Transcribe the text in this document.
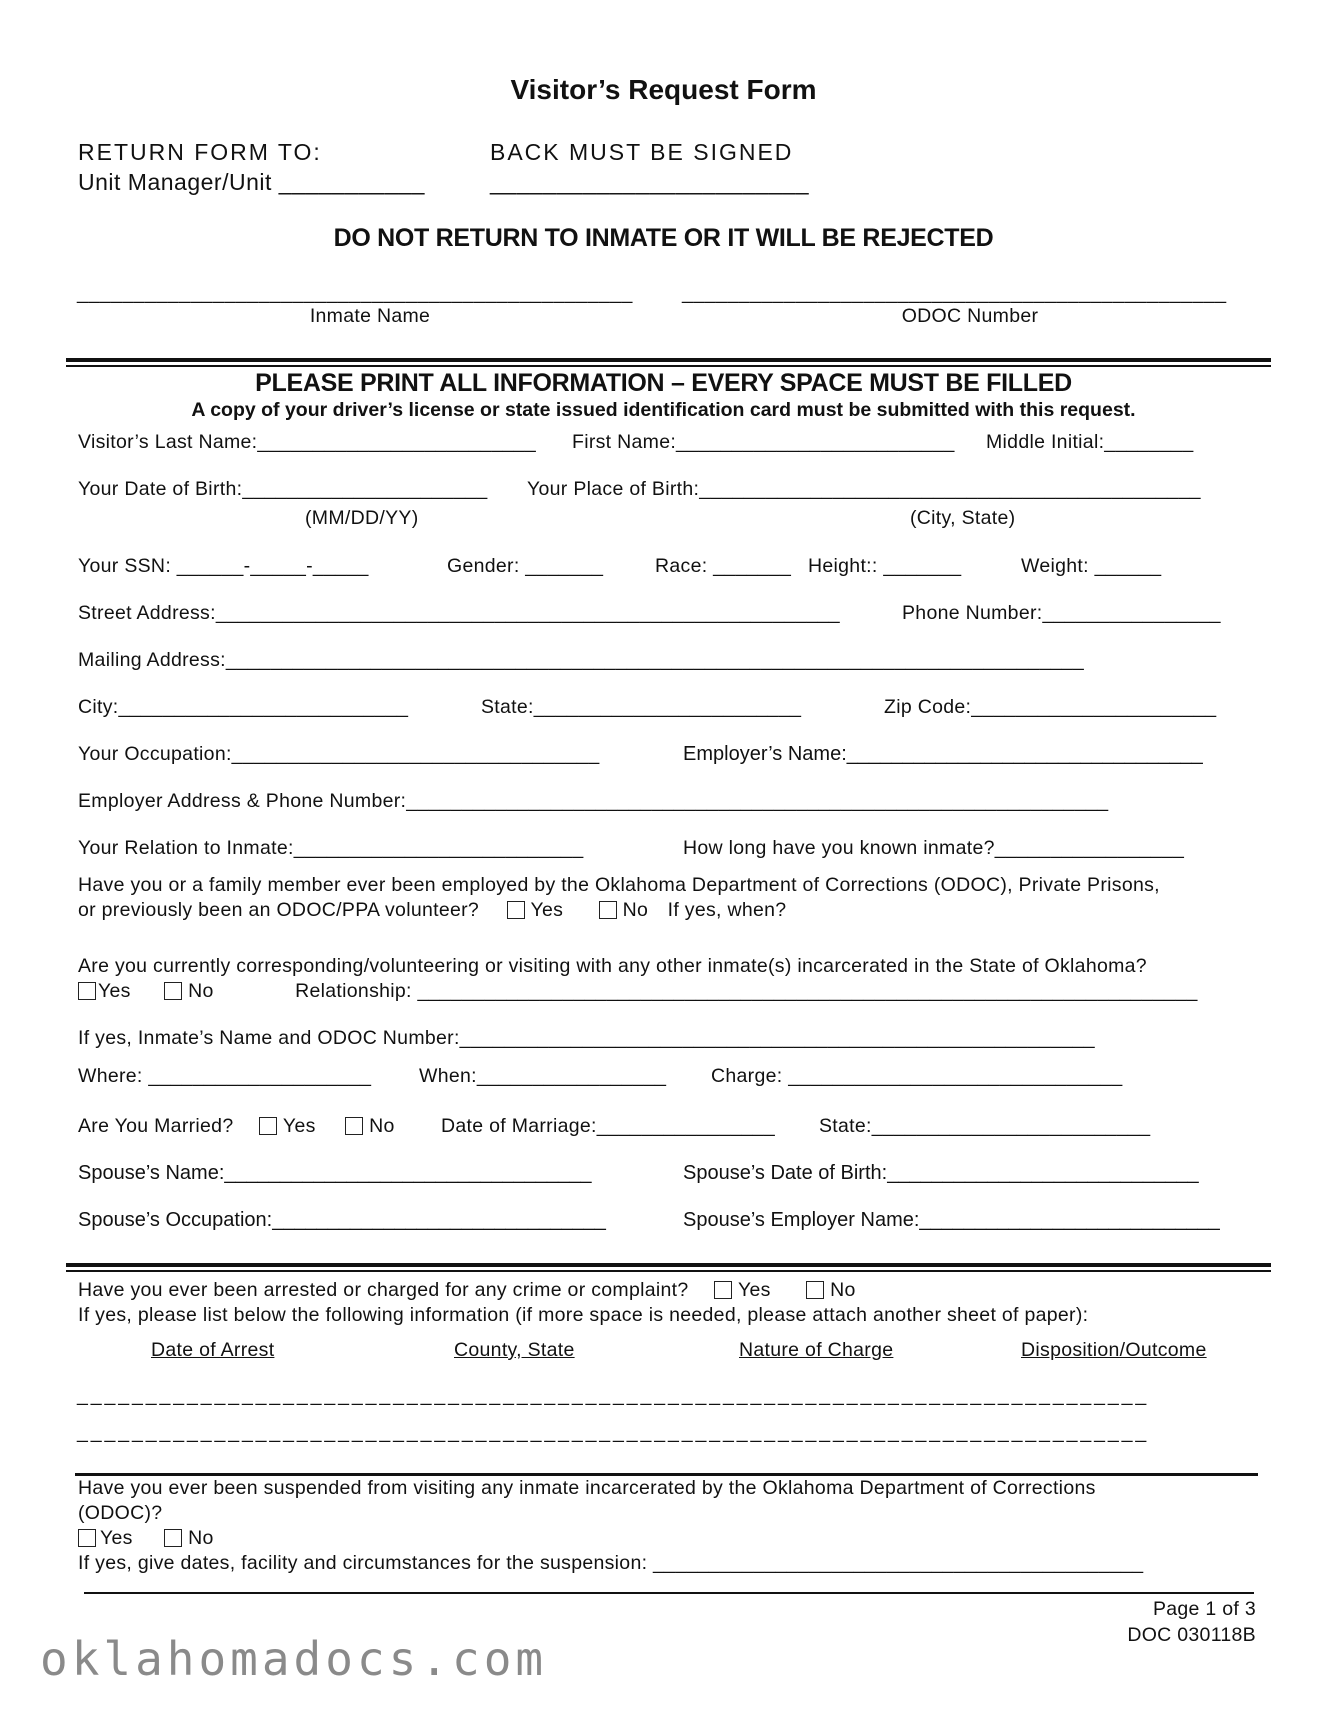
Visitor’s Request Form
RETURN FORM TO:
Unit Manager/Unit ___________
BACK MUST BE SIGNED
________________________
DO NOT RETURN TO INMATE OR IT WILL BE REJECTED
_________________________________________________
Inmate Name
________________________________________________
ODOC Number
PLEASE PRINT ALL INFORMATION – EVERY SPACE MUST BE FILLED
A copy of your driver’s license or state issued identification card must be submitted with this request.
Visitor’s Last Name:_________________________ First Name:_________________________ Middle Initial:________
Your Date of Birth:______________________ Your Place of Birth:_____________________________________________
(MM/DD/YY)	(City, State)
Your SSN: ______-_____-_____	Gender: _______	Race: _______ Height:: _______	Weight: ______
Street Address:________________________________________________________	Phone Number:________________
Mailing Address:_____________________________________________________________________________
City:__________________________	State:________________________	Zip Code:______________________
Your Occupation:_________________________________	Employer’s Name:________________________________
Employer Address & Phone Number:_______________________________________________________________
Your Relation to Inmate:__________________________	How long have you known inmate?_________________
Have you or a family member ever been employed by the Oklahoma Department of Corrections (ODOC), Private Prisons,
or previously been an ODOC/PPA volunteer?	Yes	No If yes, when?
Are you currently corresponding/volunteering or visiting with any other inmate(s) incarcerated in the State of Oklahoma?
Yes	No	Relationship: ______________________________________________________________________
If yes, Inmate’s Name and ODOC Number:_________________________________________________________
Where: ____________________ When:_________________ Charge: ______________________________
Are You Married?	Yes	No Date of Marriage:________________ State:_________________________
Spouse’s Name:_________________________________	Spouse’s Date of Birth:____________________________
Spouse’s Occupation:______________________________	Spouse’s Employer Name:___________________________
Have you ever been arrested or charged for any crime or complaint?	Yes	No
If yes, please list below the following information (if more space is needed, please attach another sheet of paper):
Date of Arrest	County, State	Nature of Charge	Disposition/Outcome
______________________________________________________________________________
______________________________________________________________________________
Have you ever been suspended from visiting any inmate incarcerated by the Oklahoma Department of Corrections
(ODOC)?
Yes	No
If yes, give dates, facility and circumstances for the suspension: ____________________________________________
Page 1 of 3
DOC 030118B
oklahomadocs.com
